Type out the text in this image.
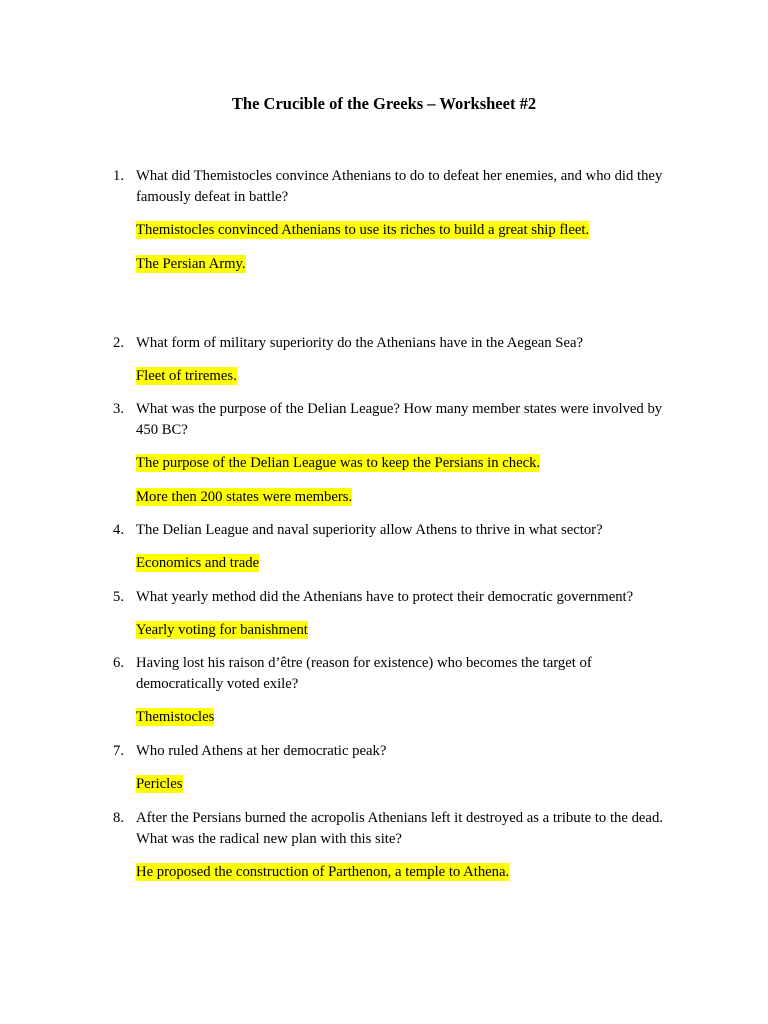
The Crucible of the Greeks – Worksheet #2
1. What did Themistocles convince Athenians to do to defeat her enemies, and who did they famously defeat in battle?
Themistocles convinced Athenians to use its riches to build a great ship fleet.
The Persian Army.
2. What form of military superiority do the Athenians have in the Aegean Sea?
Fleet of triremes.
3. What was the purpose of the Delian League? How many member states were involved by 450 BC?
The purpose of the Delian League was to keep the Persians in check.
More then 200 states were members.
4. The Delian League and naval superiority allow Athens to thrive in what sector?
Economics and trade
5. What yearly method did the Athenians have to protect their democratic government?
Yearly voting for banishment
6. Having lost his raison d’être (reason for existence) who becomes the target of democratically voted exile?
Themistocles
7. Who ruled Athens at her democratic peak?
Pericles
8. After the Persians burned the acropolis Athenians left it destroyed as a tribute to the dead. What was the radical new plan with this site?
He proposed the construction of Parthenon, a temple to Athena.
